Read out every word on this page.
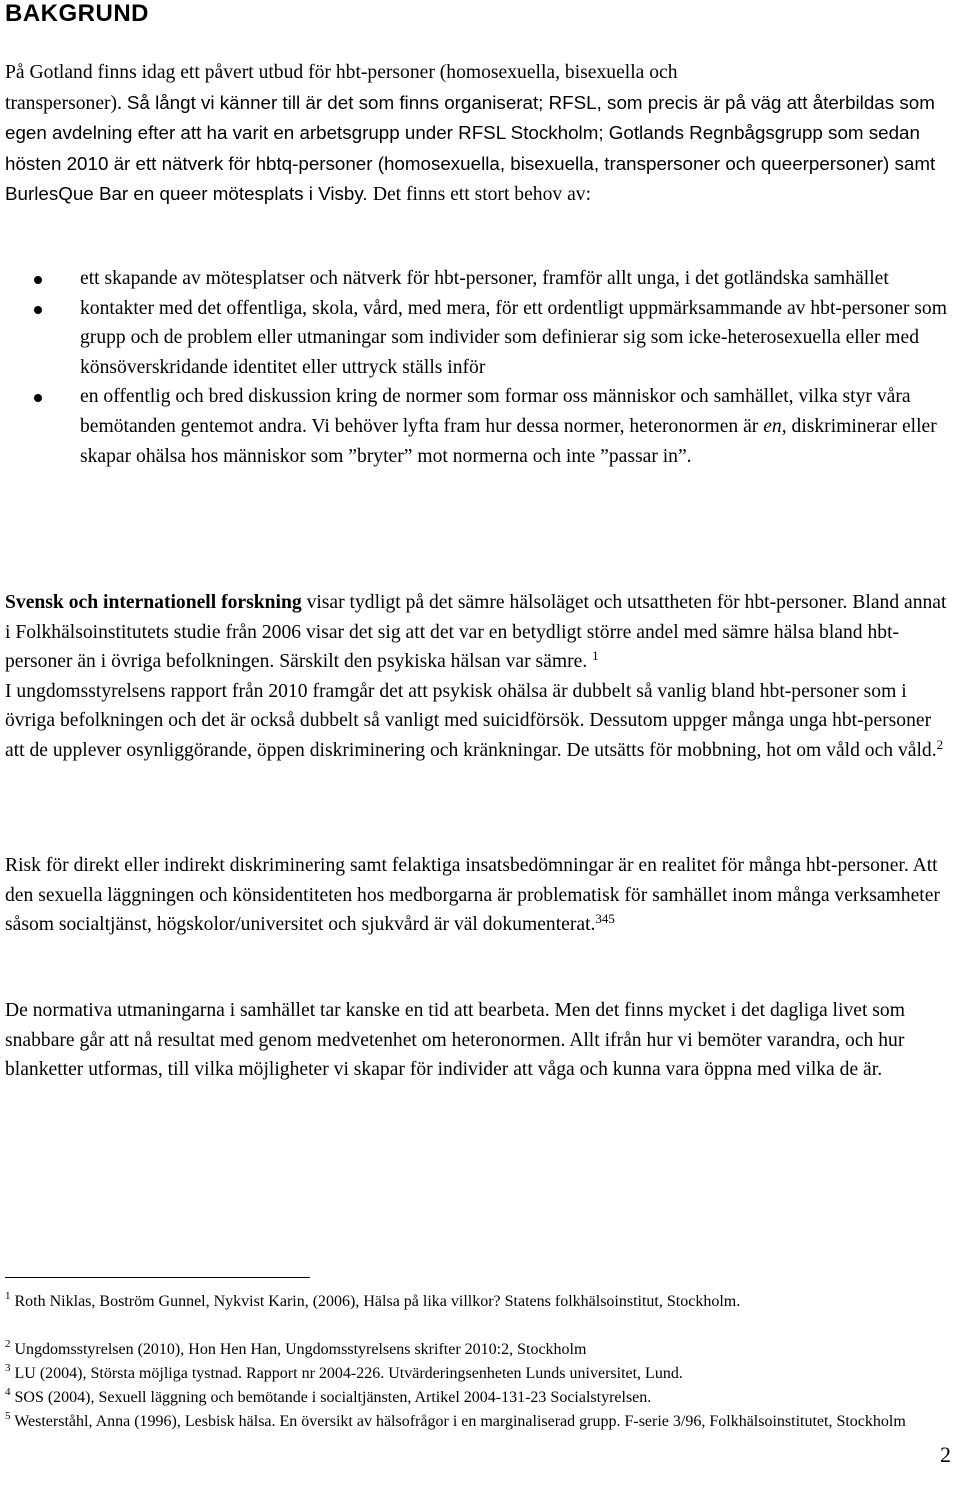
BAKGRUND

På Gotland finns idag ett påvert utbud för hbt-personer (homosexuella, bisexuella och
transpersoner). Så långt vi känner till är det som finns organiserat; RFSL, som precis är på väg att återbildas som egen avdelning efter att ha varit en arbetsgrupp under RFSL Stockholm; Gotlands Regnbågsgrupp som sedan hösten 2010 är ett nätverk för hbtq-personer (homosexuella, bisexuella, transpersoner och queerpersoner) samt BurlesQue Bar en queer mötesplats i Visby. Det finns ett stort behov av:

ett skapande av mötesplatser och nätverk för hbt-personer, framför allt unga, i det gotländska samhället
kontakter med det offentliga, skola, vård, med mera, för ett ordentligt uppmärksammande av hbt-personer som grupp och de problem eller utmaningar som individer som definierar sig som icke-heterosexuella eller med könsöverskridande identitet eller uttryck ställs inför
en offentlig och bred diskussion kring de normer som formar oss människor och samhället, vilka styr våra bemötanden gentemot andra. Vi behöver lyfta fram hur dessa normer, heteronormen är en, diskriminerar eller skapar ohälsa hos människor som ”bryter” mot normerna och inte ”passar in”.

Svensk och internationell forskning visar tydligt på det sämre hälsoläget och utsattheten för hbt-personer. Bland annat i Folkhälsoinstitutets studie från 2006 visar det sig att det var en betydligt större andel med sämre hälsa bland hbt-personer än i övriga befolkningen. Särskilt den psykiska hälsan var sämre. $^1$
I ungdomsstyrelsens rapport från 2010 framgår det att psykisk ohälsa är dubbelt så vanlig bland hbt-personer som i övriga befolkningen och det är också dubbelt så vanligt med suicidförsök. Dessutom uppger många unga hbt-personer att de upplever osynliggörande, öppen diskriminering och kränkningar. De utsätts för mobbning, hot om våld och våld.$^2$

Risk för direkt eller indirekt diskriminering samt felaktiga insatsbedömningar är en realitet för många hbt-personer. Att den sexuella läggningen och könsidentiteten hos medborgarna är problematisk för samhället inom många verksamheter såsom socialtjänst, högskolor/universitet och sjukvård är väl dokumenterat.$^{345}$

De normativa utmaningarna i samhället tar kanske en tid att bearbeta. Men det finns mycket i det dagliga livet som snabbare går att nå resultat med genom medvetenhet om heteronormen. Allt ifrån hur vi bemöter varandra, och hur blanketter utformas, till vilka möjligheter vi skapar för individer att våga och kunna vara öppna med vilka de är.

$^1$ Roth Niklas, Boström Gunnel, Nykvist Karin, (2006), Hälsa på lika villkor? Statens folkhälsoinstitut, Stockholm.
$^2$ Ungdomsstyrelsen (2010), Hon Hen Han, Ungdomsstyrelsens skrifter 2010:2, Stockholm
$^3$ LU (2004), Största möjliga tystnad. Rapport nr 2004-226. Utvärderingsenheten Lunds universitet, Lund.
$^4$ SOS (2004), Sexuell läggning och bemötande i socialtjänsten, Artikel 2004-131-23 Socialstyrelsen.
$^5$ Westerståhl, Anna (1996), Lesbisk hälsa. En översikt av hälsofrågor i en marginaliserad grupp. F-serie 3/96, Folkhälsoinstitutet, Stockholm
2
